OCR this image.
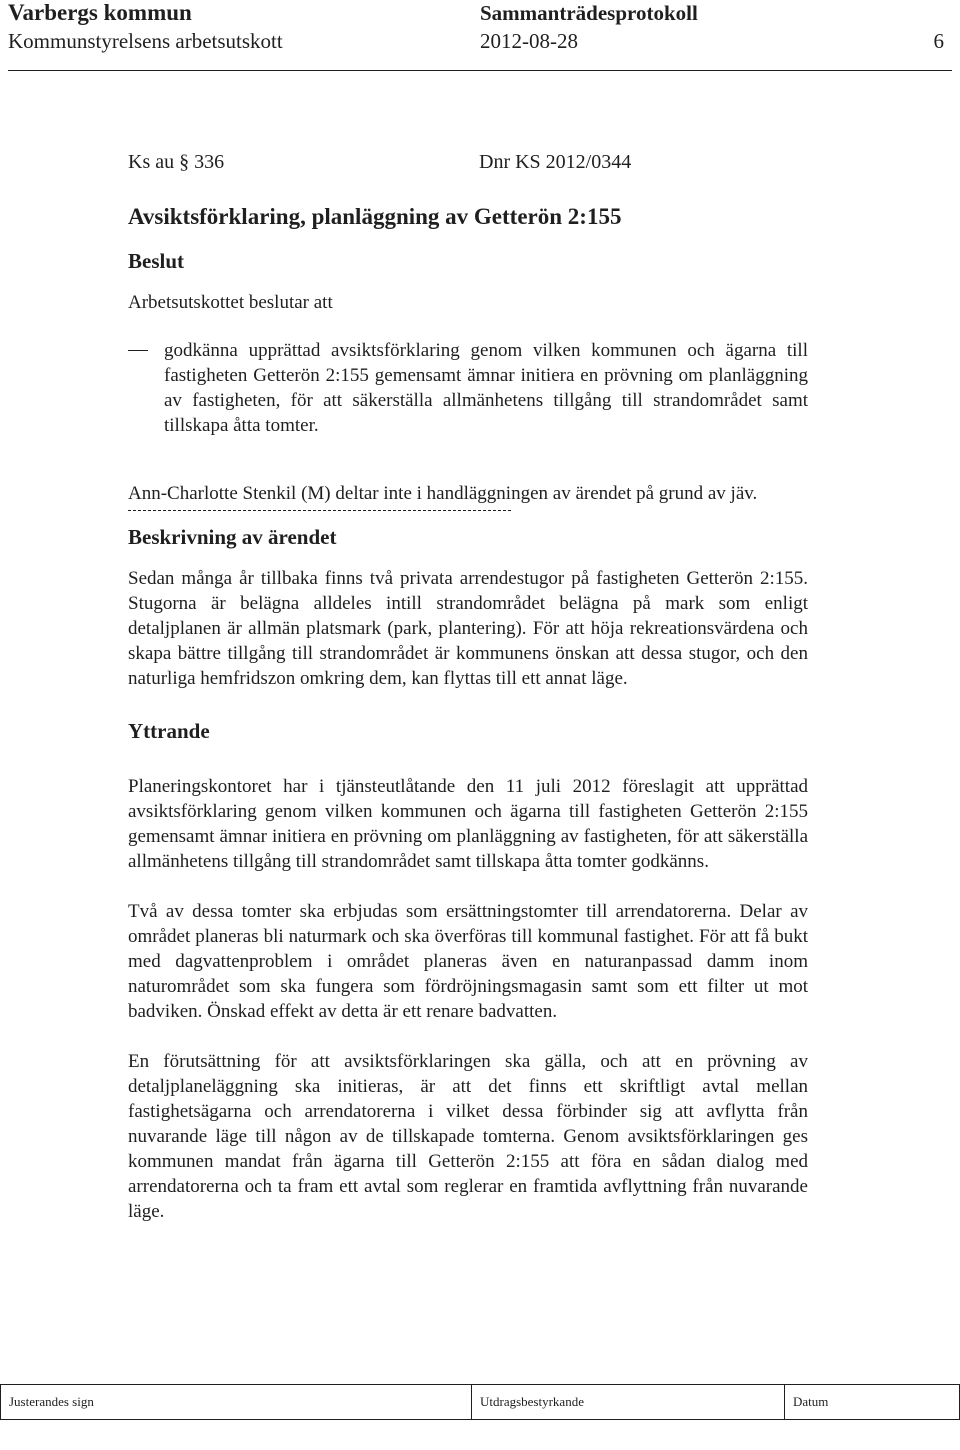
Varbergs kommun	Sammanträdesprotokoll
Kommunstyrelsens arbetsutskott	2012-08-28	6
Ks au § 336	Dnr KS 2012/0344
Avsiktsförklaring, planläggning av Getterön 2:155
Beslut
Arbetsutskottet beslutar att

godkänna upprättad avsiktsförklaring genom vilken kommunen och ägarna till fastigheten Getterön 2:155 gemensamt ämnar initiera en prövning om planläggning av fastigheten, för att säkerställa allmänhetens tillgång till strandområdet samt tillskapa åtta tomter.

Ann-Charlotte Stenkil (M) deltar inte i handläggningen av ärendet på grund av jäv.

Beskrivning av ärendet

Sedan många år tillbaka finns två privata arrendestugor på fastigheten Getterön 2:155. Stugorna är belägna alldeles intill strandområdet belägna på mark som enligt detaljplanen är allmän platsmark (park, plantering). För att höja rekreationsvärdena och skapa bättre tillgång till strandområdet är kommunens önskan att dessa stugor, och den naturliga hemfridszon omkring dem, kan flyttas till ett annat läge.

Yttrande

Planeringskontoret har i tjänsteutlåtande den 11 juli 2012 föreslagit att upprättad avsiktsförklaring genom vilken kommunen och ägarna till fastigheten Getterön 2:155 gemensamt ämnar initiera en prövning om planläggning av fastigheten, för att säkerställa allmänhetens tillgång till strandområdet samt tillskapa åtta tomter godkänns.

Två av dessa tomter ska erbjudas som ersättningstomter till arrendatorerna. Delar av området planeras bli naturmark och ska överföras till kommunal fastighet. För att få bukt med dagvattenproblem i området planeras även en naturanpassad damm inom naturområdet som ska fungera som fördröjningsmagasin samt som ett filter ut mot badviken. Önskad effekt av detta är ett renare badvatten.

En förutsättning för att avsiktsförklaringen ska gälla, och att en prövning av detaljplaneläggning ska initieras, är att det finns ett skriftligt avtal mellan fastighetsägarna och arrendatorerna i vilket dessa förbinder sig att avflytta från nuvarande läge till någon av de tillskapade tomterna. Genom avsiktsförklaringen ges kommunen mandat från ägarna till Getterön 2:155 att föra en sådan dialog med arrendatorerna och ta fram ett avtal som reglerar en framtida avflyttning från nuvarande läge.

Justerandes sign	Utdragsbestyrkande	Datum
